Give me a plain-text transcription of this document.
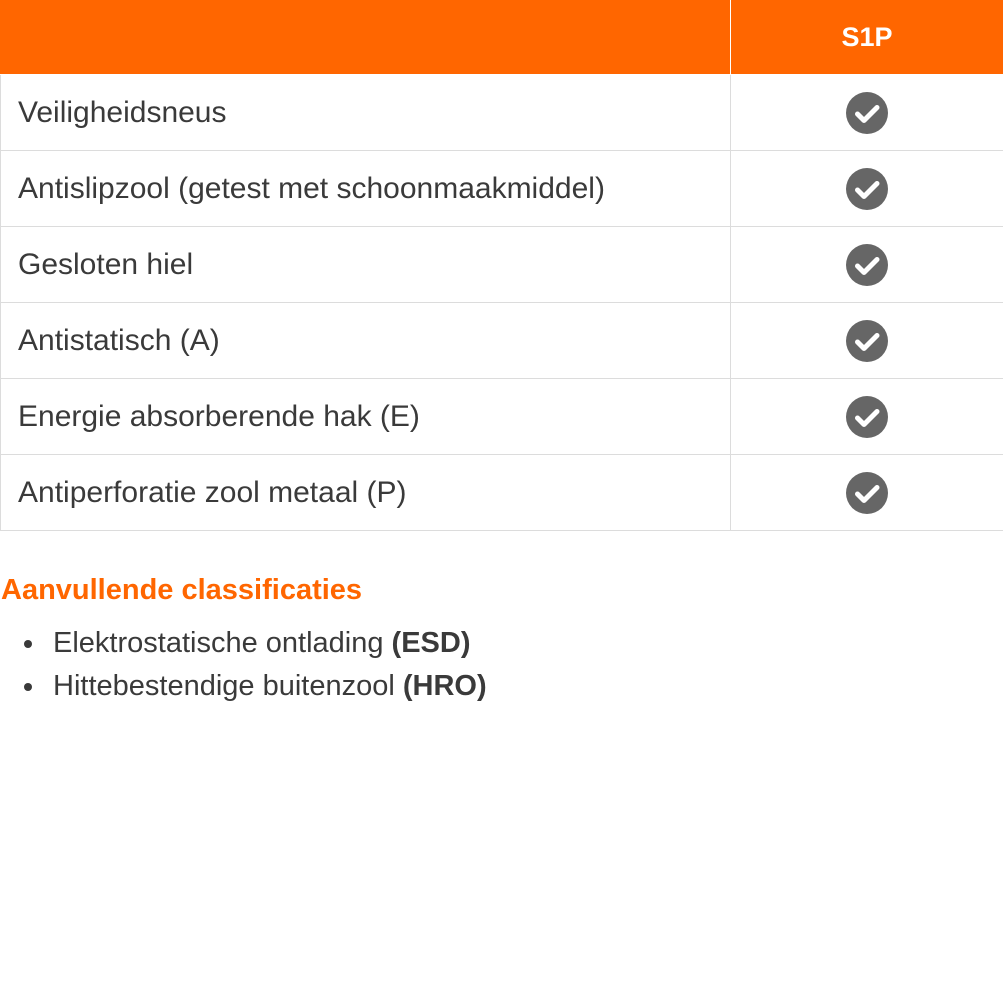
	S1P
Veiligheidsneus	
Antislipzool (getest met schoonmaakmiddel)	
Gesloten hiel	
Antistatisch (A)	
Energie absorberende hak (E)	
Antiperforatie zool metaal (P)	
Aanvullende classificaties
Elektrostatische ontlading (ESD)
Hittebestendige buitenzool (HRO)
